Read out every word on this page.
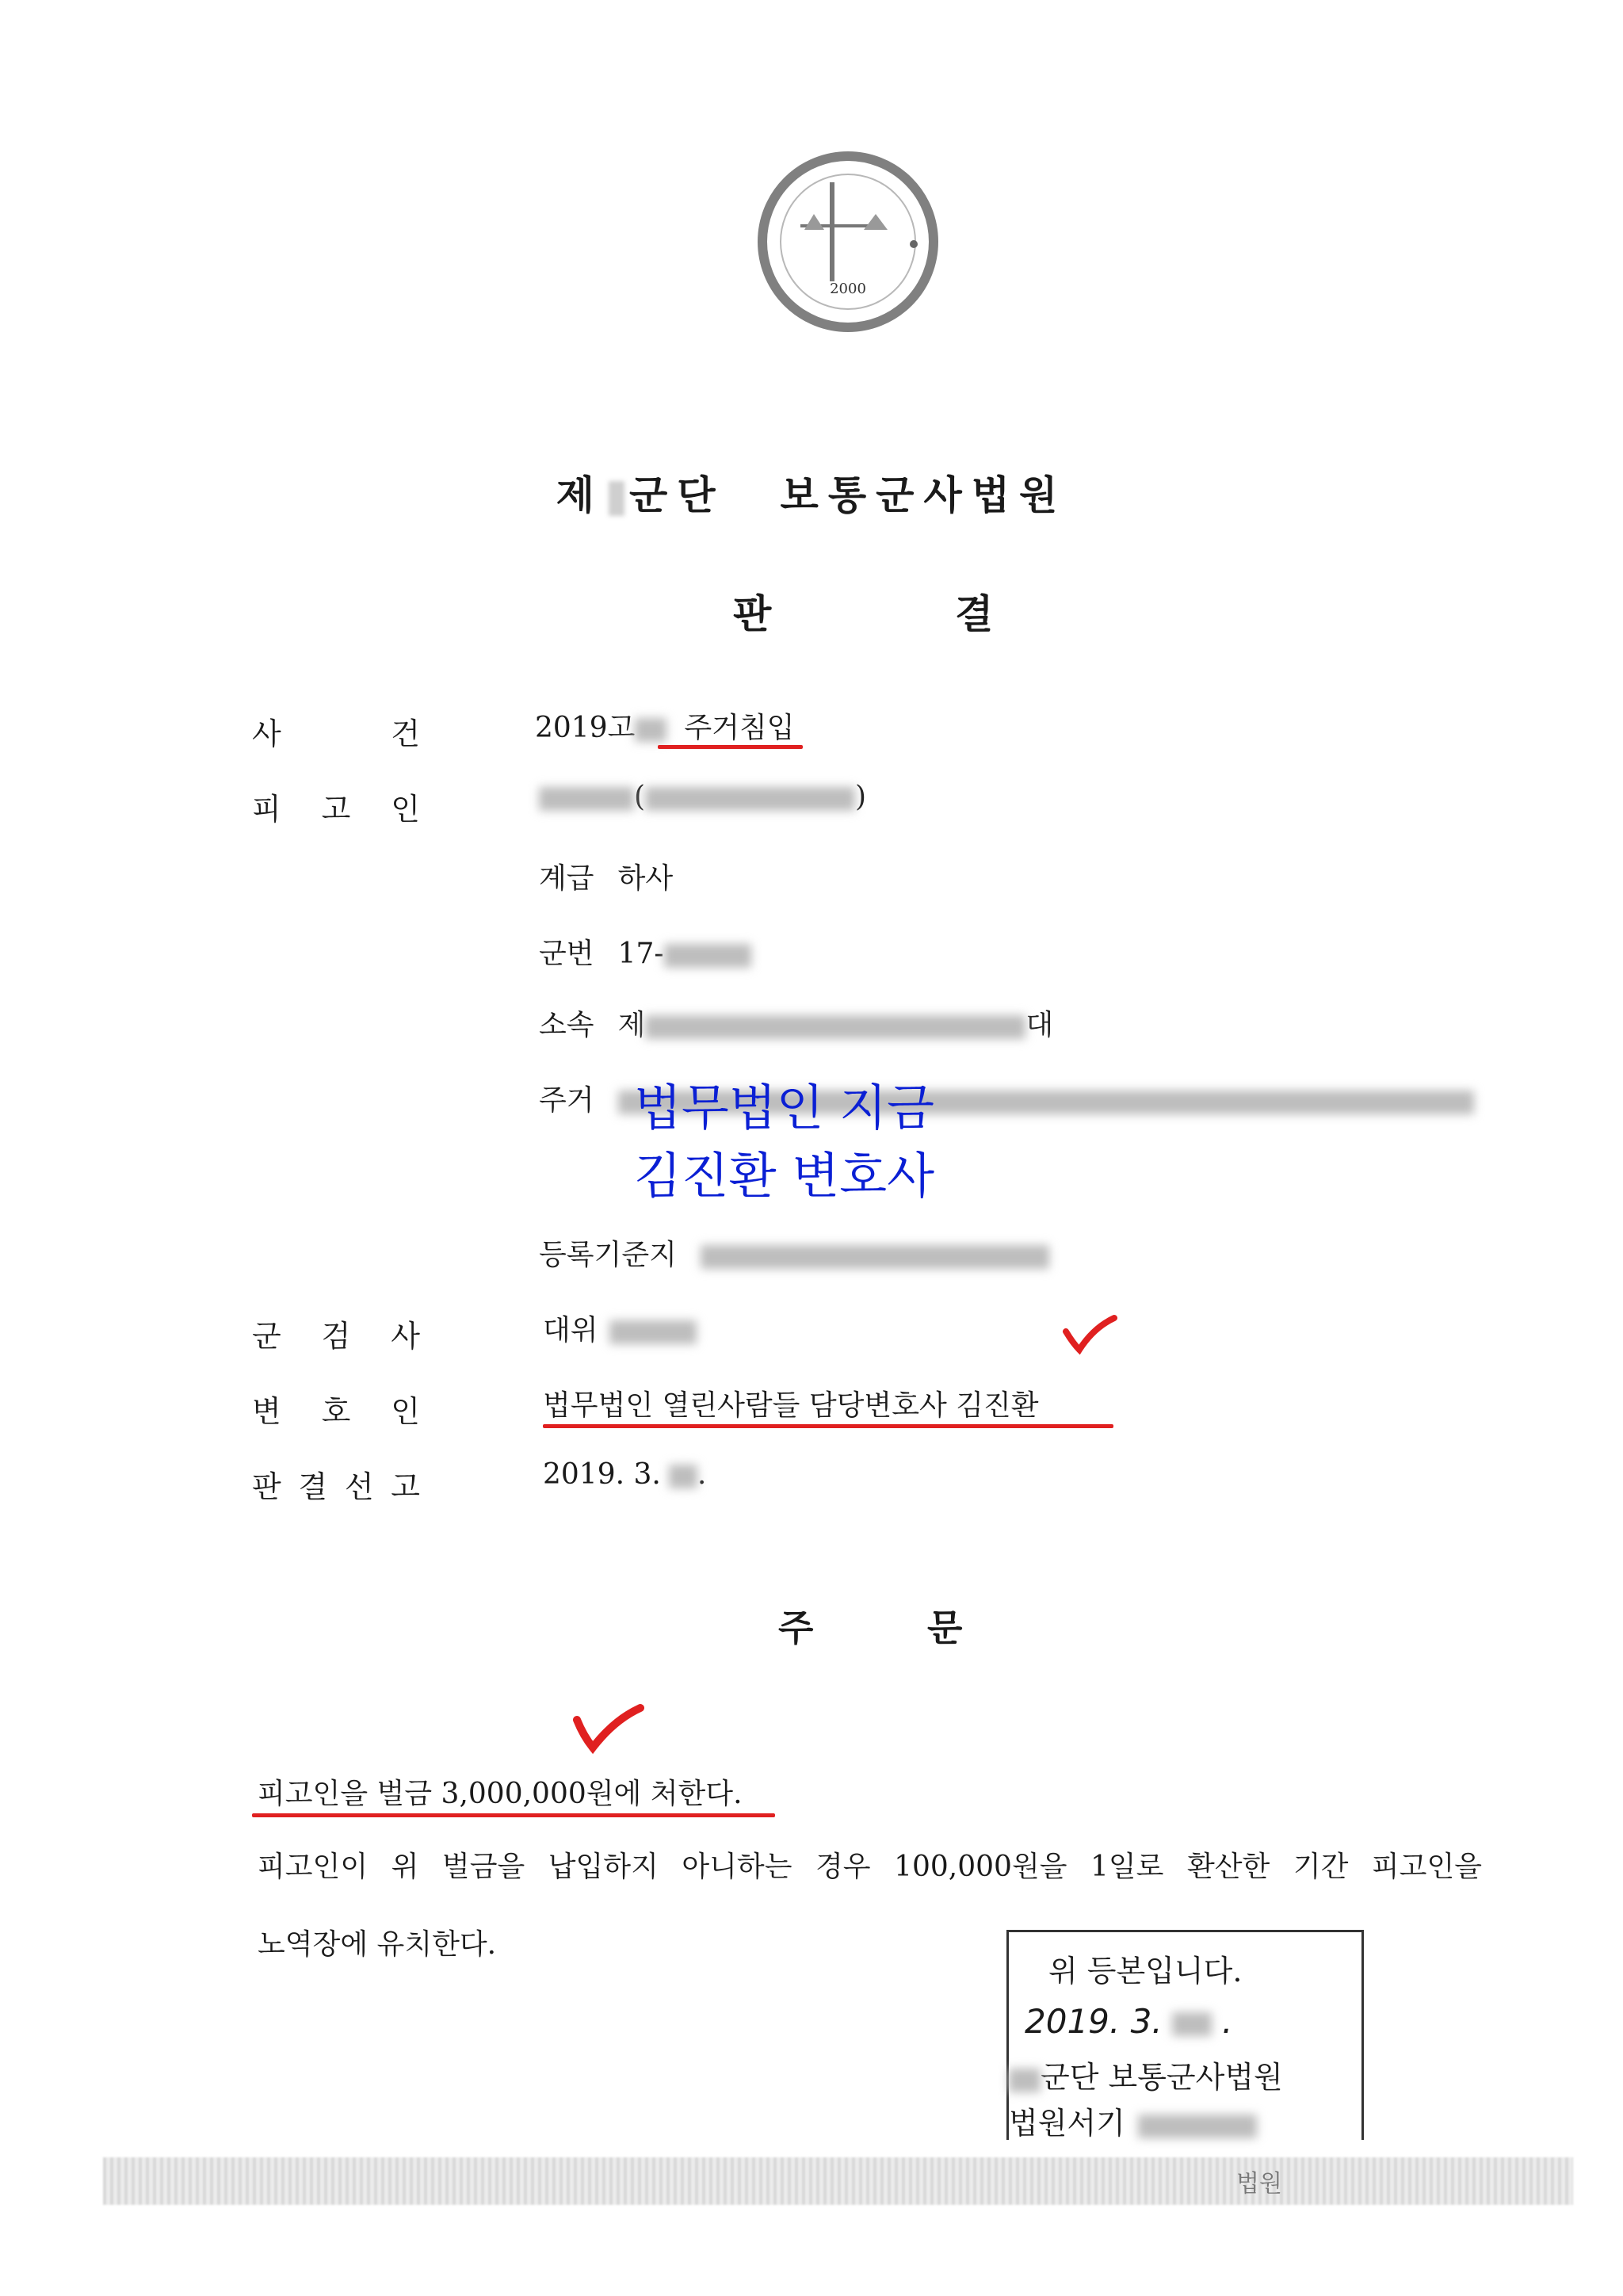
2000
제 군단 보통군사법원
판	결
사	건	2019고 주거침입
피 고 인	(	)
계급 하사
군번 17-
소속 제	대
주거 법무법인 지금
김진환 변호사
등록기준지
군 검 사	대위
변 호 인	법무법인 열린사람들 담당변호사 김진환
판 결 선 고	2019. 3. .
주	문
피고인을 벌금 3,000,000원에 처한다.
피고인이 위 벌금을 납입하지 아니하는 경우 100,000원을 1일로 환산한 기간 피고인을
노역장에 유치한다.
위 등본입니다.
2019. 3. .
군단 보통군사법원
법원서기
법원
